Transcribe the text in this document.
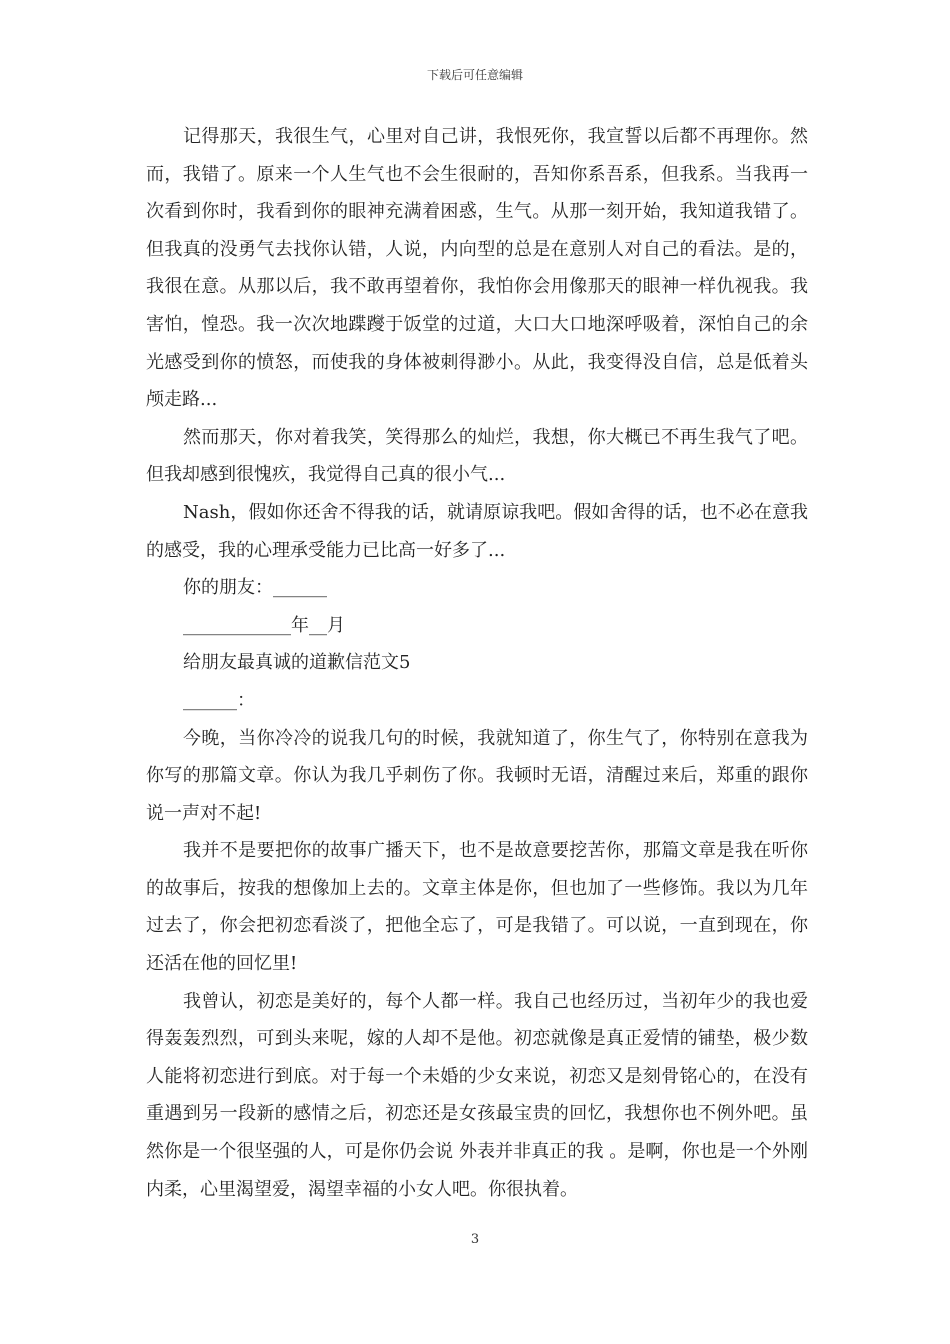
下载后可任意编辑

记得那天，我很生气，心里对自己讲，我恨死你，我宣誓以后都不再理你。然而，我错了。原来一个人生气也不会生很耐的，吾知你系吾系，但我系。当我再一次看到你时，我看到你的眼神充满着困惑，生气。从那一刻开始，我知道我错了。但我真的没勇气去找你认错，人说，内向型的总是在意别人对自己的看法。是的，我很在意。从那以后，我不敢再望着你，我怕你会用像那天的眼神一样仇视我。我害怕，惶恐。我一次次地蹀躞于饭堂的过道，大口大口地深呼吸着，深怕自己的余光感受到你的愤怒，而使我的身体被刺得渺小。从此，我变得没自信，总是低着头颅走路...

然而那天，你对着我笑，笑得那么的灿烂，我想，你大概已不再生我气了吧。但我却感到很愧疚，我觉得自己真的很小气...

Nash，假如你还舍不得我的话，就请原谅我吧。假如舍得的话，也不必在意我的感受，我的心理承受能力已比高一好多了...

你的朋友：______

____________年__月

给朋友最真诚的道歉信范文5

______：

今晚，当你冷冷的说我几句的时候，我就知道了，你生气了，你特别在意我为你写的那篇文章。你认为我几乎刺伤了你。我顿时无语，清醒过来后，郑重的跟你说一声对不起!

我并不是要把你的故事广播天下，也不是故意要挖苦你，那篇文章是我在听你的故事后，按我的想像加上去的。文章主体是你，但也加了一些修饰。我以为几年过去了，你会把初恋看淡了，把他全忘了，可是我错了。可以说，一直到现在，你还活在他的回忆里!

我曾认，初恋是美好的，每个人都一样。我自己也经历过，当初年少的我也爱得轰轰烈烈，可到头来呢，嫁的人却不是他。初恋就像是真正爱情的铺垫，极少数人能将初恋进行到底。对于每一个未婚的少女来说，初恋又是刻骨铭心的，在没有重遇到另一段新的感情之后，初恋还是女孩最宝贵的回忆，我想你也不例外吧。虽然你是一个很坚强的人，可是你仍会说 外表并非真正的我 。是啊，你也是一个外刚内柔，心里渴望爱，渴望幸福的小女人吧。你很执着。

3
